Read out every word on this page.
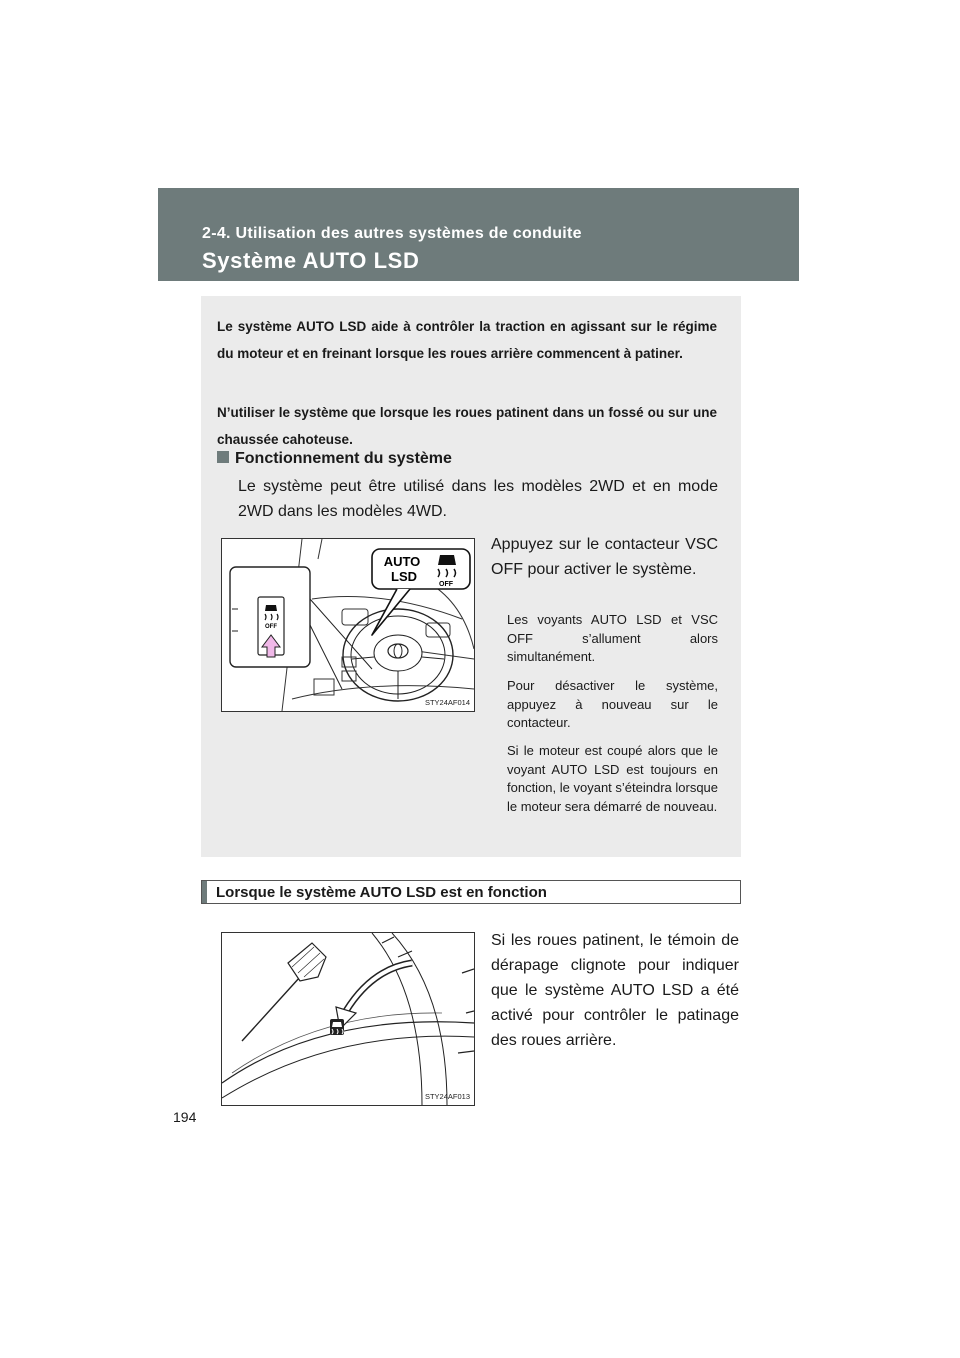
2-4. Utilisation des autres systèmes de conduite
Système AUTO LSD

Le système AUTO LSD aide à contrôler la traction en agissant sur le régime du moteur et en freinant lorsque les roues arrière commencent à patiner.

N’utiliser le système que lorsque les roues patinent dans un fossé ou sur une chaussée cahoteuse.

Fonctionnement du système

Le système peut être utilisé dans les modèles 2WD et en mode 2WD dans les modèles 4WD.

AUTO
LSD
OFF
OFF
STY24AF014

Appuyez sur le contacteur VSC OFF pour activer le système.

Les voyants AUTO LSD et VSC OFF s’allument alors simultanément.

Pour désactiver le système, appuyez à nouveau sur le contacteur.

Si le moteur est coupé alors que le voyant AUTO LSD est toujours en fonction, le voyant s’éteindra lorsque le moteur sera démarré de nouveau.

Lorsque le système AUTO LSD est en fonction
STY24AF013

Si les roues patinent, le témoin de dérapage clignote pour indiquer que le système AUTO LSD a été activé pour contrôler le patinage des roues arrière.

194
